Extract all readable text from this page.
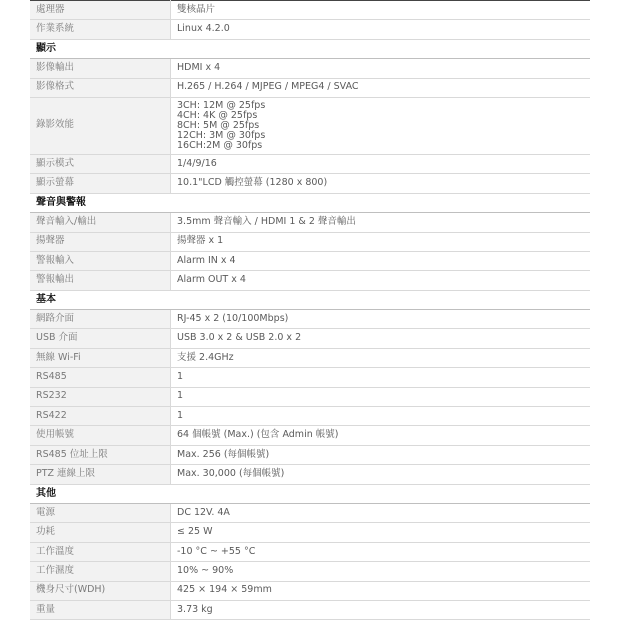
處理器	雙核晶片
作業系統	Linux 4.2.0
顯示	
影像輸出	HDMI x 4
影像格式	H.265 / H.264 / MJPEG / MPEG4 / SVAC
錄影效能	3CH: 12M @ 25fps
4CH: 4K @ 25fps
8CH: 5M @ 25fps
12CH: 3M @ 30fps
16CH:2M @ 30fps

顯示模式	1/4/9/16
顯示螢幕	10.1"LCD 觸控螢幕 (1280 x 800)
聲音與警報	
聲音輸入/輸出	3.5mm 聲音輸入 / HDMI 1 & 2 聲音輸出
揚聲器	揚聲器 x 1
警報輸入	Alarm IN x 4
警報輸出	Alarm OUT x 4
基本	
網路介面	RJ-45 x 2 (10/100Mbps)
USB 介面	USB 3.0 x 2 & USB 2.0 x 2
無線 Wi-Fi	支援 2.4GHz
RS485	1
RS232	1
RS422	1
使用帳號	64 個帳號 (Max.) (包含 Admin 帳號)
RS485 位址上限	Max. 256 (每個帳號)
PTZ 連線上限	Max. 30,000 (每個帳號)
其他	
電源	DC 12V. 4A
功耗	≤ 25 W
工作溫度	-10 °C ~ +55 °C
工作濕度	10% ~ 90%
機身尺寸(WDH)	425 × 194 × 59mm
重量	3.73 kg
